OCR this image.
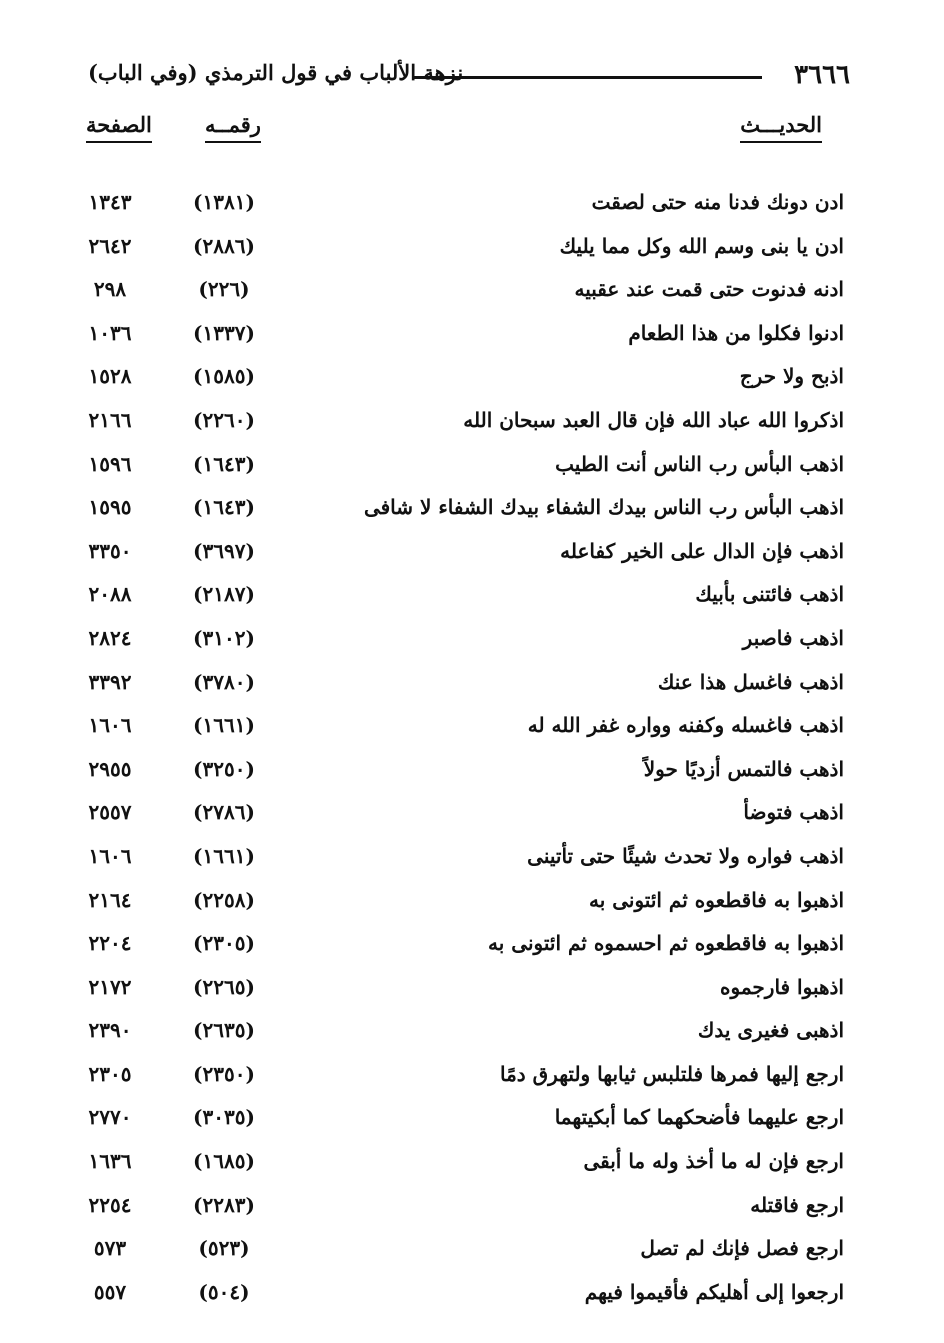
٣٦٦٦
نزهة الألباب في قول الترمذي (وفي الباب)
الحديـــث
رقمــه
الصفحة
ادن دونك فدنا منه حتى لصقت
(١٣٨١)
١٣٤٣
ادن يا بنى وسم الله وكل مما يليك
(٢٨٨٦)
٢٦٤٢
ادنه فدنوت حتى قمت عند عقبيه
(٢٢٦)
٢٩٨
ادنوا فكلوا من هذا الطعام
(١٣٣٧)
١٠٣٦
اذبح ولا حرج
(١٥٨٥)
١٥٢٨
اذكروا الله عباد الله فإن قال العبد سبحان الله
(٢٢٦٠)
٢١٦٦
اذهب البأس رب الناس أنت الطيب
(١٦٤٣)
١٥٩٦
اذهب البأس رب الناس بيدك الشفاء بيدك الشفاء لا شافى
(١٦٤٣)
١٥٩٥
اذهب فإن الدال على الخير كفاعله
(٣٦٩٧)
٣٣٥٠
اذهب فائتنى بأبيك
(٢١٨٧)
٢٠٨٨
اذهب فاصبر
(٣١٠٢)
٢٨٢٤
اذهب فاغسل هذا عنك
(٣٧٨٠)
٣٣٩٢
اذهب فاغسله وكفنه وواره غفر الله له
(١٦٦١)
١٦٠٦
اذهب فالتمس أزديًا حولاً
(٣٢٥٠)
٢٩٥٥
اذهب فتوضأ
(٢٧٨٦)
٢٥٥٧
اذهب فواره ولا تحدث شيئًا حتى تأتينى
(١٦٦١)
١٦٠٦
اذهبوا به فاقطعوه ثم ائتونى به
(٢٢٥٨)
٢١٦٤
اذهبوا به فاقطعوه ثم احسموه ثم ائتونى به
(٢٣٠٥)
٢٢٠٤
اذهبوا فارجموه
(٢٢٦٥)
٢١٧٢
اذهبى فغيرى يدك
(٢٦٣٥)
٢٣٩٠
ارجع إليها فمرها فلتلبس ثيابها ولتهرق دمًا
(٢٣٥٠)
٢٣٠٥
ارجع عليهما فأضحكهما كما أبكيتهما
(٣٠٣٥)
٢٧٧٠
ارجع فإن له ما أخذ وله ما أبقى
(١٦٨٥)
١٦٣٦
ارجع فاقتله
(٢٢٨٣)
٢٢٥٤
ارجع فصل فإنك لم تصل
(٥٢٣)
٥٧٣
ارجعوا إلى أهليكم فأقيموا فيهم
(٥٠٤)
٥٥٧
